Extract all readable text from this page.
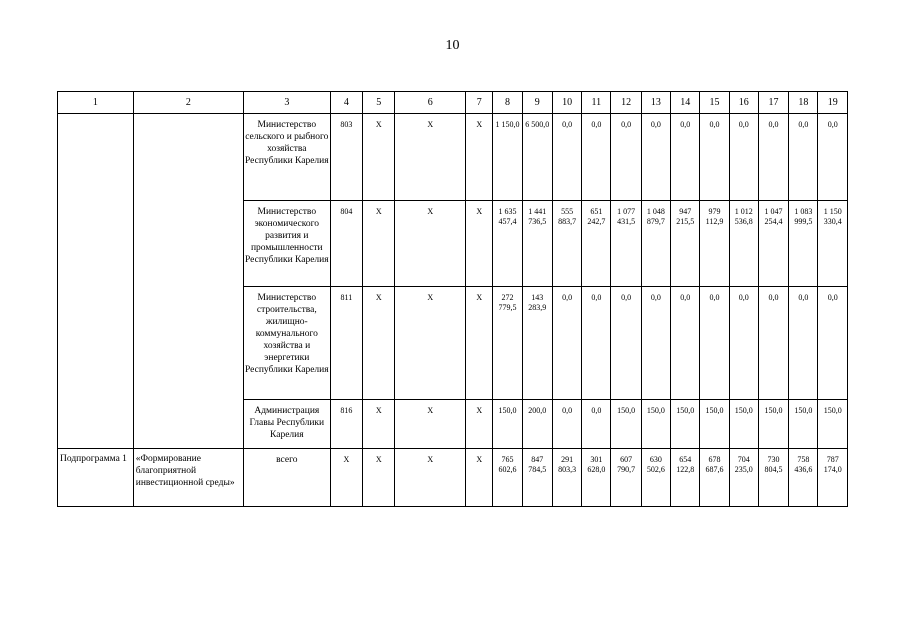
10
1	2	3	4	5	6	7	8	9	10	11	12	13	14	15	16	17	18	19

		Министерство сельского и рыбного хозяйства Республики Карелия	803	X	X	X	1 150,0	6 500,0	0,0	0,0	0,0	0,0	0,0	0,0	0,0	0,0	0,0	0,0

		Министерство экономического развития и промышленности Республики Карелия	804	X	X	X	1 635 457,4	1 441 736,5	555 883,7	651 242,7	1 077 431,5	1 048 879,7	947 215,5	979 112,9	1 012 536,8	1 047 254,4	1 083 999,5	1 150 330,4

		Министерство строительства, жилищно-коммунального хозяйства и энергетики Республики Карелия	811	X	X	X	272 779,5	143 283,9	0,0	0,0	0,0	0,0	0,0	0,0	0,0	0,0	0,0	0,0

		Администрация Главы Республики Карелия	816	X	X	X	150,0	200,0	0,0	0,0	150,0	150,0	150,0	150,0	150,0	150,0	150,0	150,0

Подпрограмма 1	«Формирование благоприятной инвестиционной среды»	всего	X	X	X	X	765 602,6	847 784,5	291 803,3	301 628,0	607 790,7	630 502,6	654 122,8	678 687,6	704 235,0	730 804,5	758 436,6	787 174,0
